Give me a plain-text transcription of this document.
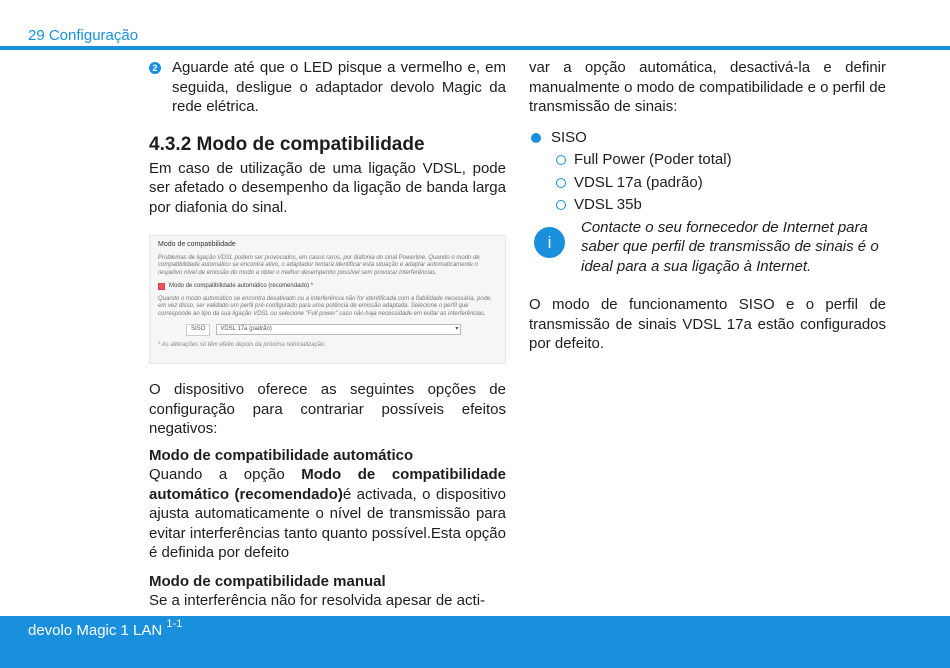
29 Configuração
2 Aguarde até que o LED pisque a vermelho e, em seguida, desligue o adaptador devolo Magic da rede elétrica.

4.3.2 Modo de compatibilidade

Em caso de utilização de uma ligação VDSL, pode ser afetado o desempenho da ligação de banda larga por diafonia do sinal.

Modo de compatibilidade
Problemas de ligação VDSL podem ser provocados, em casos raros, por diafonia do sinal Powerline. Quando o modo de compatibilidade automático se encontra ativo, o adaptador tentará identificar esta situação e adaptar automaticamente o respetivo nível de emissão do modo a obter o melhor desempenho possível sem provocar interferências.
Modo de compatibilidade automático (recomendado) *
Quando o modo automático se encontra desativado ou a interferência não for identificada com a fiabilidade necessária, pode, em vez disso, ser validado um perfil pré-configurado para uma potência de emissão adaptada. Selecione o perfil que corresponde ao tipo da sua ligação VDSL ou selecione "Full power" caso não haja necessidade em evitar as interferências.
SISO	VDSL 17a (padrão) ▾
* As alterações só têm efeito depois da próxima reinicialização.

O dispositivo oferece as seguintes opções de configuração para contrariar possíveis efeitos negativos:

Modo de compatibilidade automático

Quando a opção Modo de compatibilidade automático (recomendado)é activada, o dispositivo ajusta automaticamente o nível de transmissão para evitar interferências tanto quanto possível.Esta opção é definida por defeito

Modo de compatibilidade manual

Se a interferência não for resolvida apesar de acti-

var a opção automática, desactivá-la e definir manualmente o modo de compatibilidade e o perfil de transmissão de sinais:

SISO
Full Power (Poder total)
VDSL 17a (padrão)
VDSL 35b
i

Contacte o seu fornecedor de Internet para saber que perfil de transmissão de sinais é o ideal para a sua ligação à Internet.

O modo de funcionamento SISO e o perfil de transmissão de sinais VDSL 17a estão configurados por defeito.

devolo Magic 1 LAN $^{1-1}$
